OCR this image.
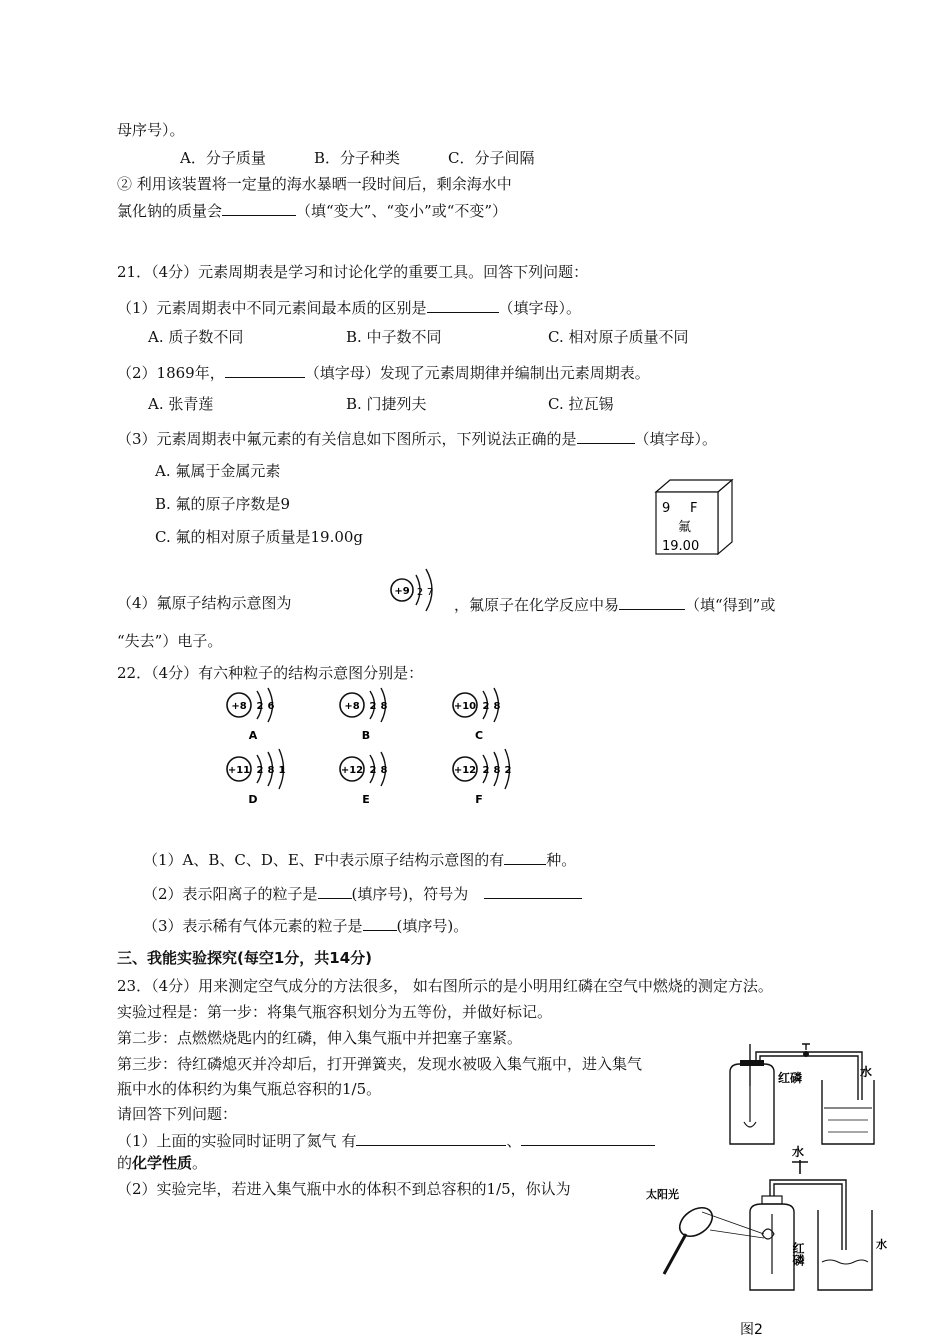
母序号）。
A．分子质量	B．分子种类	C．分子间隔
② 利用该装置将一定量的海水暴晒一段时间后，剩余海水中
氯化钠的质量会	（填“变大”、“变小”或“不变”）
21．（4分）元素周期表是学习和讨论化学的重要工具。回答下列问题：
（1）元素周期表中不同元素间最本质的区别是	（填字母）。
A. 质子数不同	B. 中子数不同	C. 相对原子质量不同
（2）1869年，	（填字母）发现了元素周期律并编制出元素周期表。
A. 张青莲	B. 门捷列夫	C. 拉瓦锡
（3）元素周期表中氟元素的有关信息如下图所示，下列说法正确的是	（填字母）。
A. 氟属于金属元素
B. 氟的原子序数是9
C. 氟的相对原子质量是19.00g
9 F
氟
19.00
（4）氟原子结构示意图为
+9 2 7
，氟原子在化学反应中易	（填“得到”或
“失去”）电子。
22．（4分）有六种粒子的结构示意图分别是：
+8 2 6
A
+8 2 8
B
+10 2 8
C
+11 2 8 1
D
+12 2 8
E
+12 2 8 2
F
（1）A、B、C、D、E、F中表示原子结构示意图的有	种。
（2）表示阳离子的粒子是 (填序号)，符号为
（3）表示稀有气体元素的粒子是 (填序号)。
三、我能实验探究(每空1分，共14分)
23．（4分）用来测定空气成分的方法很多， 如右图所示的是小明用红磷在空气中燃烧的测定方法。
实验过程是：第一步：将集气瓶容积划分为五等份，并做好标记。
第二步：点燃燃烧匙内的红磷，伸入集气瓶中并把塞子塞紧。
第三步：待红磷熄灭并冷却后，打开弹簧夹，发现水被吸入集气瓶中，进入集气
瓶中水的体积约为集气瓶总容积的1/5。
请回答下列问题：
（1）上面的实验同时证明了氮气 有	、
的化学性质。
（2）实验完毕，若进入集气瓶中水的体积不到总容积的1/5，你认为
红磷	水
水
红磷	水
太阳光
图2
